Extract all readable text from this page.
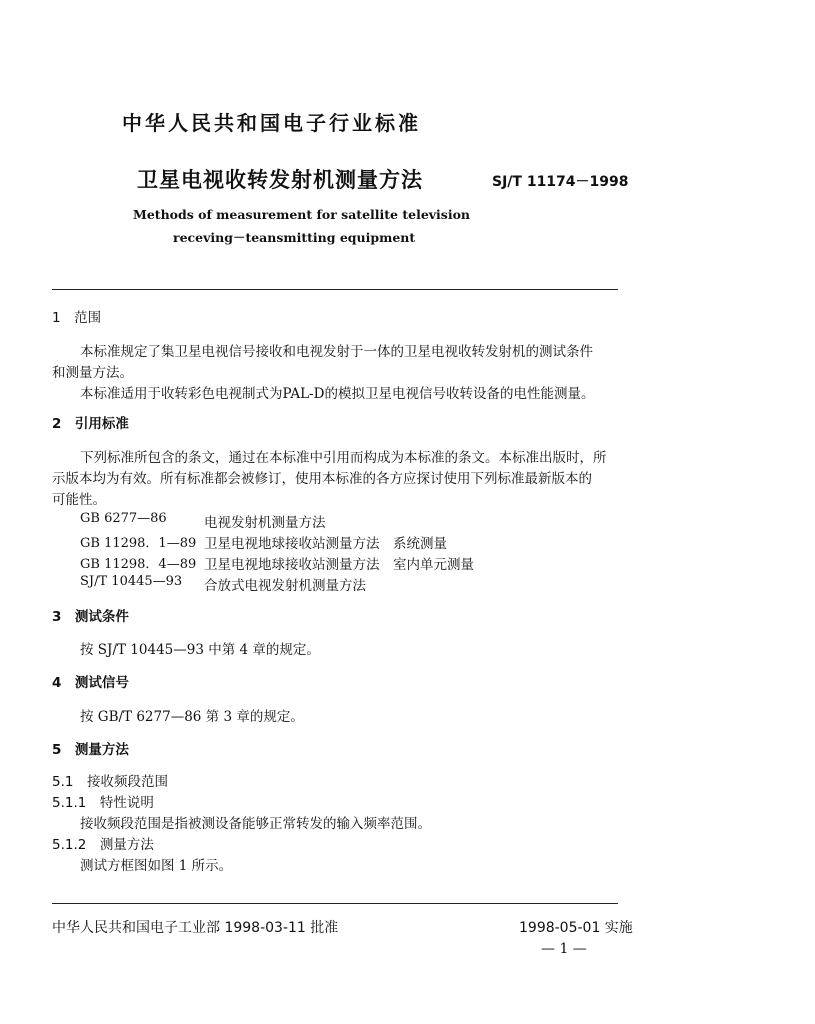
中华人民共和国电子行业标准
卫星电视收转发射机测量方法	SJ/T 11174－1998
Methods of measurement for satellite television
receving－teansmitting equipment
1　范围
本标准规定了集卫星电视信号接收和电视发射于一体的卫星电视收转发射机的测试条件
和测量方法。
本标准适用于收转彩色电视制式为PAL-D的模拟卫星电视信号收转设备的电性能测量。
2　引用标准
下列标准所包含的条文，通过在本标准中引用而构成为本标准的条文。本标准出版时，所
示版本均为有效。所有标准都会被修订，使用本标准的各方应探讨使用下列标准最新版本的
可能性。
GB 6277—86	电视发射机测量方法
GB 11298．1—89 卫星电视地球接收站测量方法　系统测量
GB 11298．4—89 卫星电视地球接收站测量方法　室内单元测量
SJ/T 10445—93 合放式电视发射机测量方法
3　测试条件
按 SJ/T 10445—93 中第 4 章的规定。
4　测试信号
按 GB/T 6277—86 第 3 章的规定。
5　测量方法
5.1　接收频段范围
5.1.1　特性说明
接收频段范围是指被测设备能够正常转发的输入频率范围。
5.1.2　测量方法
测试方框图如图 1 所示。
中华人民共和国电子工业部 1998-03-11 批准	1998-05-01 实施
— 1 —
